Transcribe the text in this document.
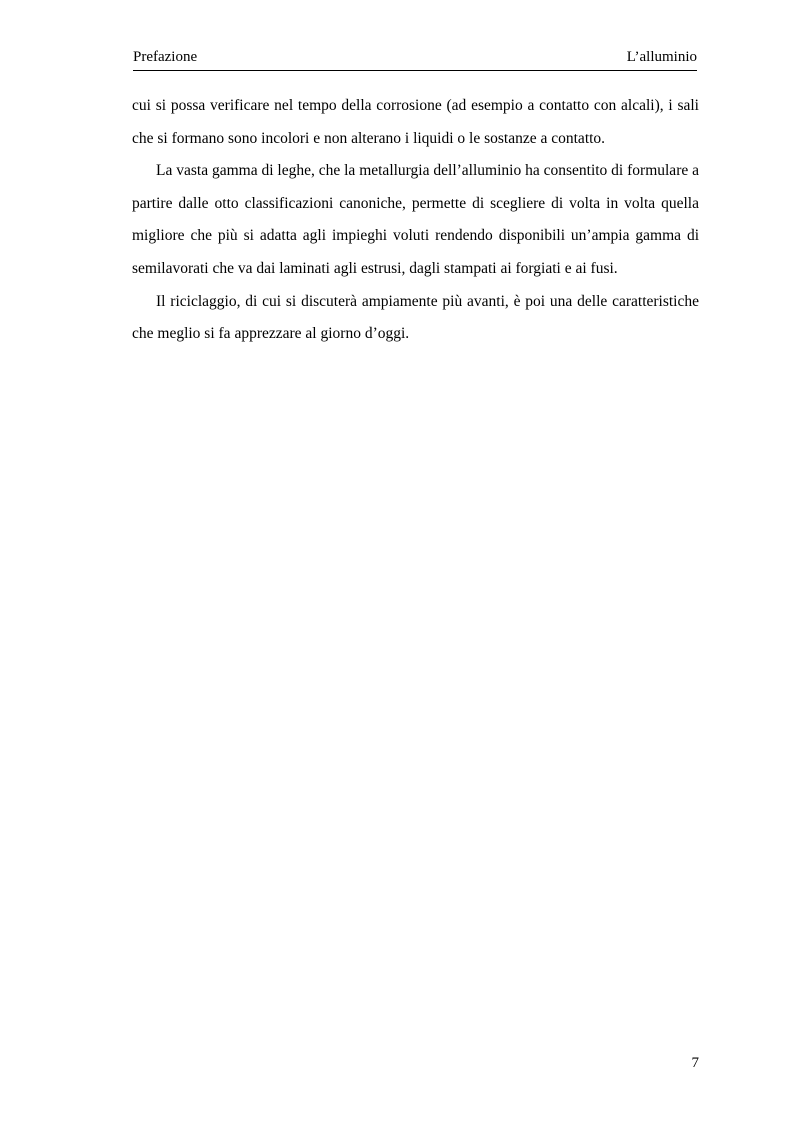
Prefazione	L’alluminio

cui si possa verificare nel tempo della corrosione (ad esempio a contatto con alcali), i sali che si formano sono incolori e non alterano i liquidi o le sostanze a contatto.

La vasta gamma di leghe, che la metallurgia dell’alluminio ha consentito di formulare a partire dalle otto classificazioni canoniche, permette di scegliere di volta in volta quella migliore che più si adatta agli impieghi voluti rendendo disponibili un’ampia gamma di semilavorati che va dai laminati agli estrusi, dagli stampati ai forgiati e ai fusi.

Il riciclaggio, di cui si discuterà ampiamente più avanti, è poi una delle caratteristiche che meglio si fa apprezzare al giorno d’oggi.

7
